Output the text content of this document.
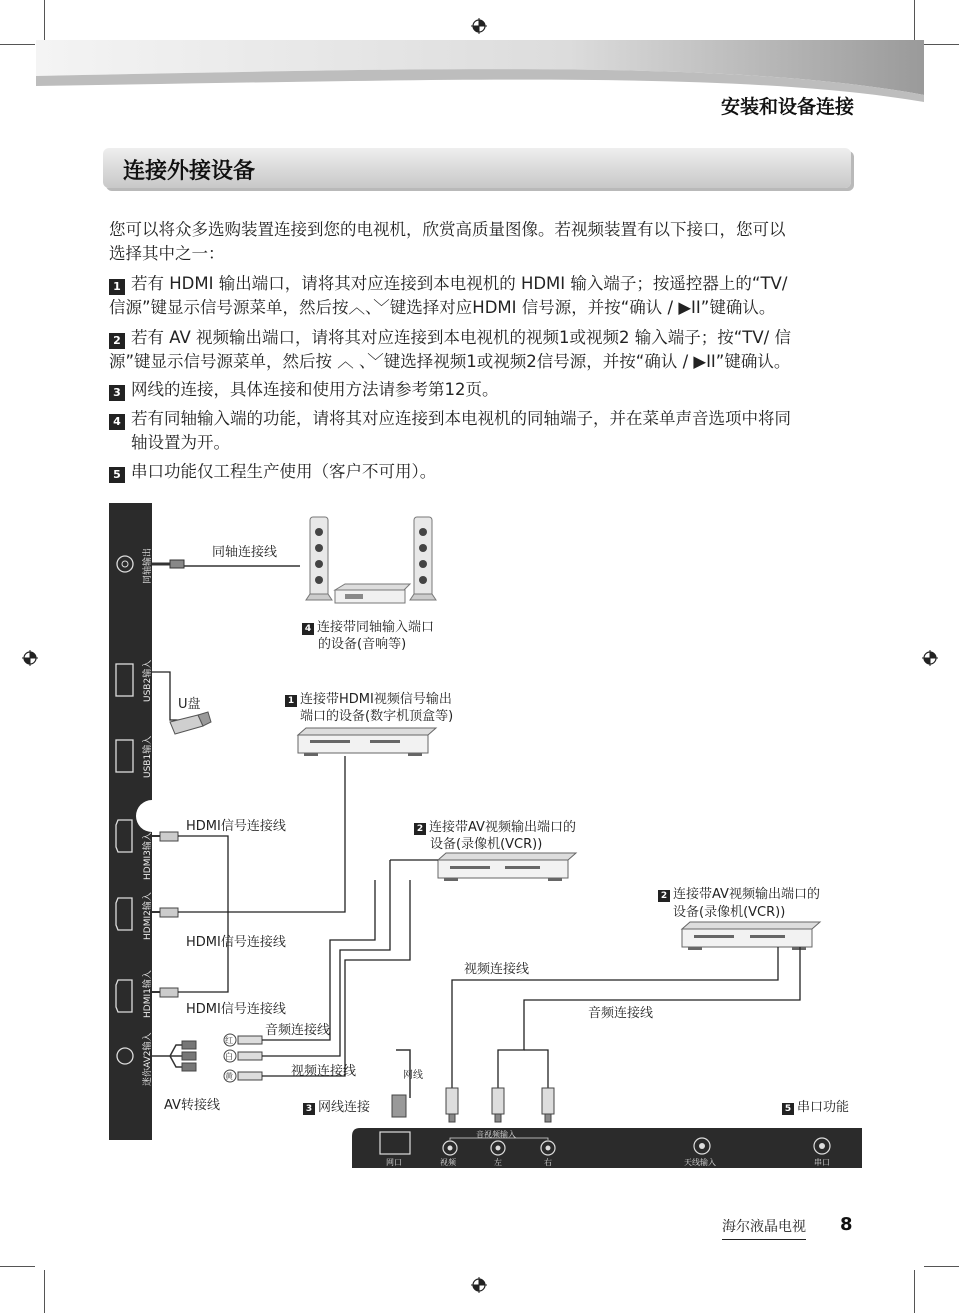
安装和设备连接
连接外接设备
您可以将众多选购装置连接到您的电视机，欣赏高质量图像。若视频装置有以下接口，您可以
选择其中之一：
1 若有 HDMI 输出端口，请将其对应连接到本电视机的 HDMI 输入端子；按遥控器上的“TV/
信源”键显示信号源菜单，然后按︿、﹀键选择对应HDMI 信号源，并按“确认 / ▶II”键确认。
2 若有 AV 视频输出端口，请将其对应连接到本电视机的视频1或视频2 输入端子；按“TV/ 信
源”键显示信号源菜单，然后按 ︿ 、﹀键选择视频1或视频2信号源，并按“确认 / ▶II”键确认。
3 网线的连接，具体连接和使用方法请参考第12页。
4 若有同轴输入端的功能，请将其对应连接到本电视机的同轴端子，并在菜单声音选项中将同
轴设置为开。
5 串口功能仅工程生产使用（客户不可用）。
同轴输出
USB2输入
USB1输入
HDMI3输入
HDMI2输入
HDMI1输入
迷你AV2输入
音视频输入
网口	视频	左	右	天线输入	串口
红
白
黄
同轴连接线
4 连接带同轴输入端口
的设备(音响等)
U盘	1 连接带HDMI视频信号输出
端口的设备(数字机顶盒等)
HDMI信号连接线
HDMI信号连接线
HDMI信号连接线
2 连接带AV视频输出端口的
设备(录像机(VCR))
2 连接带AV视频输出端口的
设备(录像机(VCR))
视频连接线
音频连接线
音频连接线
视频连接线
AV转接线
网线
3 网线连接	5 串口功能
海尔液晶电视 8
